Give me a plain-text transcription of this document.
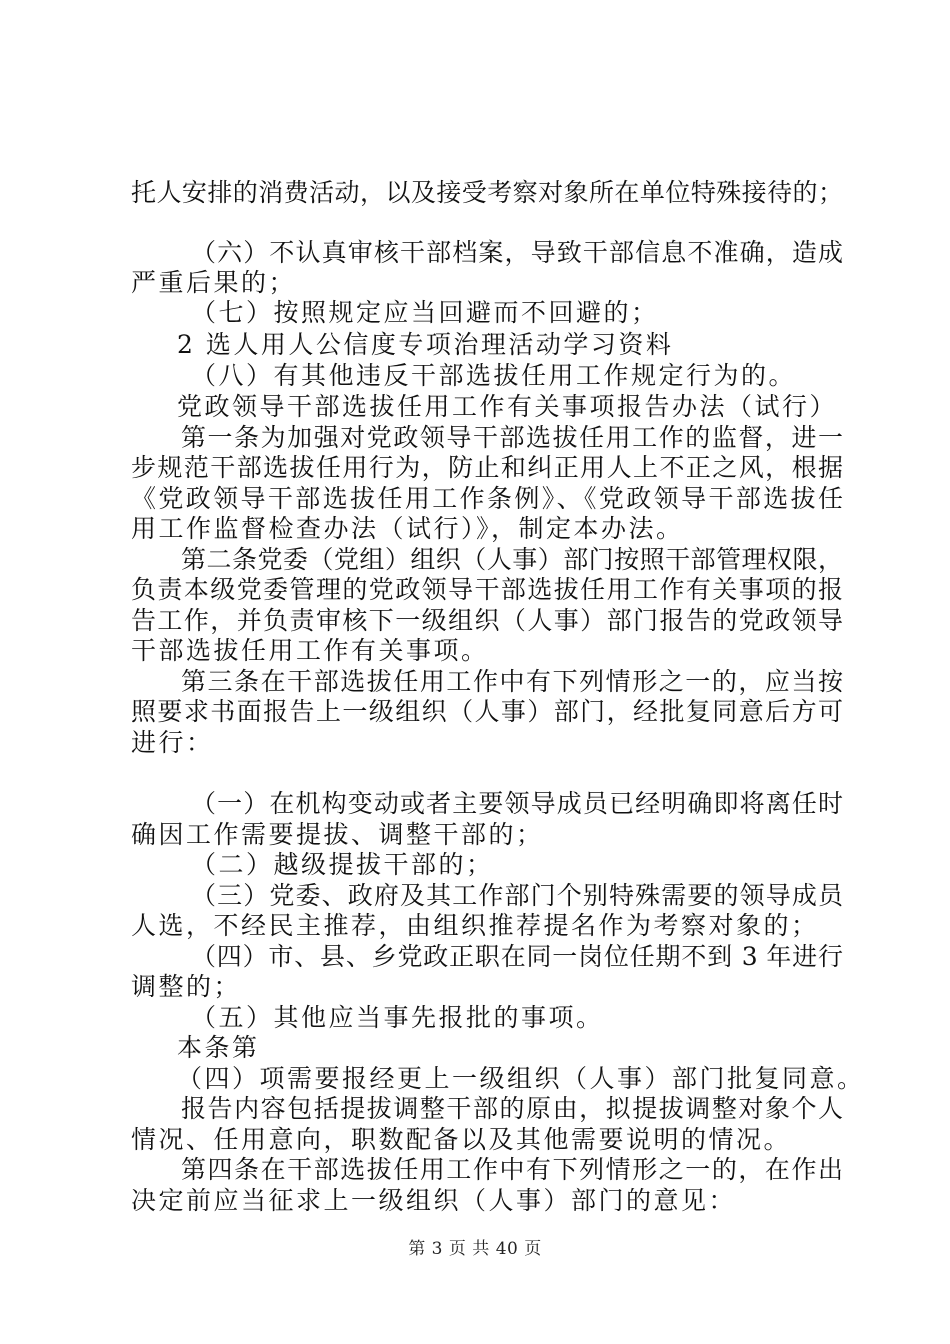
托人安排的消费活动，以及接受考察对象所在单位特殊接待的；
（六）不认真审核干部档案，导致干部信息不准确，造成
严重后果的；
（七）按照规定应当回避而不回避的；
2 选人用人公信度专项治理活动学习资料
（八）有其他违反干部选拔任用工作规定行为的。
党政领导干部选拔任用工作有关事项报告办法（试行）
第一条为加强对党政领导干部选拔任用工作的监督，进一
步规范干部选拔任用行为，防止和纠正用人上不正之风，根据
《党政领导干部选拔任用工作条例》、《党政领导干部选拔任
用工作监督检查办法（试行）》，制定本办法。
第二条党委（党组）组织（人事）部门按照干部管理权限，
负责本级党委管理的党政领导干部选拔任用工作有关事项的报
告工作，并负责审核下一级组织（人事）部门报告的党政领导
干部选拔任用工作有关事项。
第三条在干部选拔任用工作中有下列情形之一的，应当按
照要求书面报告上一级组织（人事）部门，经批复同意后方可
进行：
（一）在机构变动或者主要领导成员已经明确即将离任时
确因工作需要提拔、调整干部的；
（二）越级提拔干部的；
（三）党委、政府及其工作部门个别特殊需要的领导成员
人选，不经民主推荐，由组织推荐提名作为考察对象的；
（四）市、县、乡党政正职在同一岗位任期不到 3 年进行
调整的；
（五）其他应当事先报批的事项。
本条第
（四）项需要报经更上一级组织（人事）部门批复同意。
报告内容包括提拔调整干部的原由，拟提拔调整对象个人
情况、任用意向，职数配备以及其他需要说明的情况。
第四条在干部选拔任用工作中有下列情形之一的，在作出
决定前应当征求上一级组织（人事）部门的意见：
第 3 页 共 40 页
